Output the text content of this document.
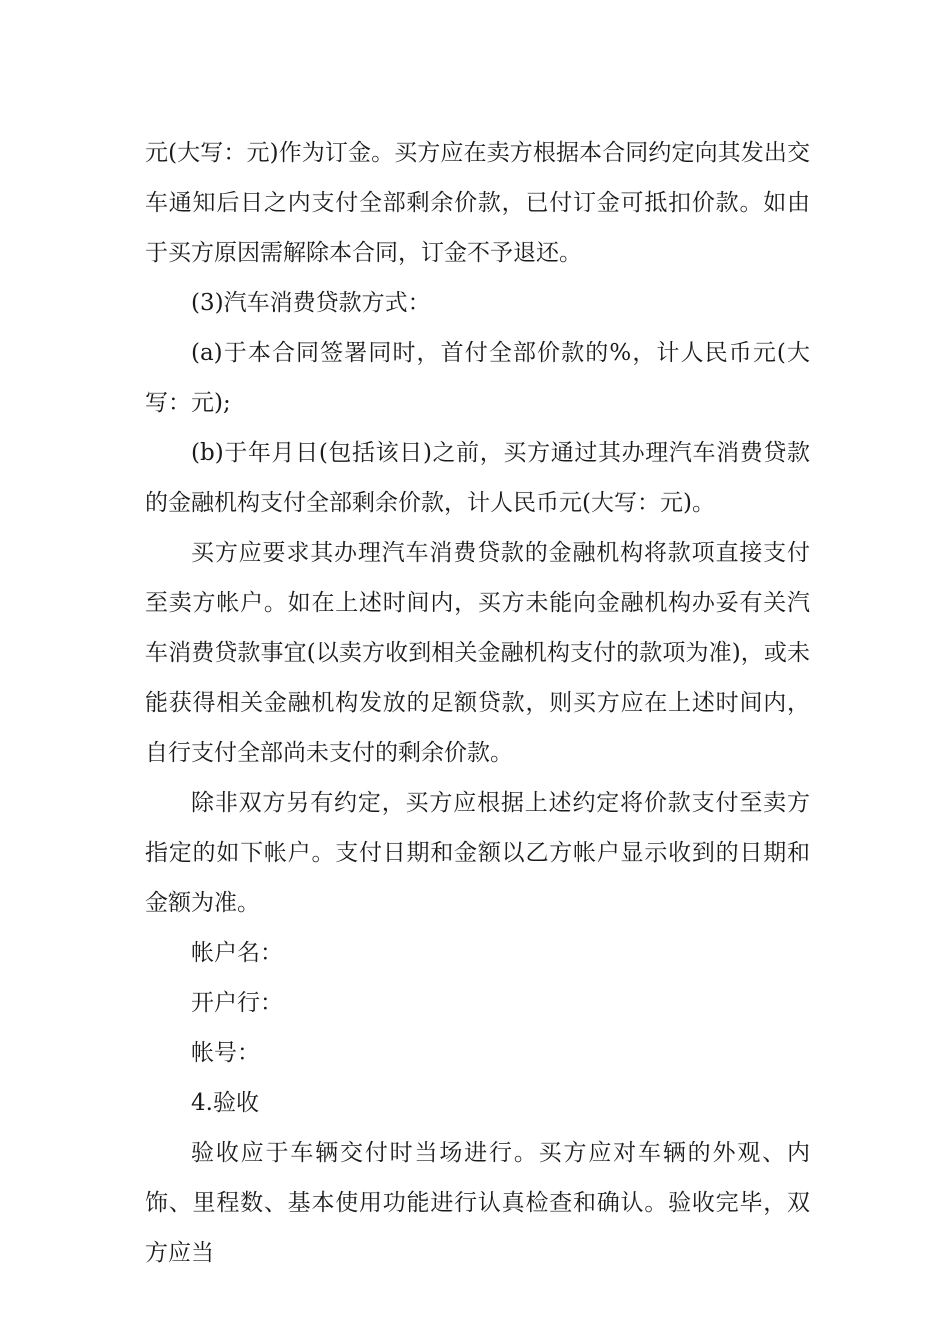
元(大写：元)作为订金。买方应在卖方根据本合同约定向其发出交车通知后日之内支付全部剩余价款，已付订金可抵扣价款。如由于买方原因需解除本合同，订金不予退还。

(3)汽车消费贷款方式：

(a)于本合同签署同时，首付全部价款的%，计人民币元(大写：元);

(b)于年月日(包括该日)之前，买方通过其办理汽车消费贷款的金融机构支付全部剩余价款，计人民币元(大写：元)。

买方应要求其办理汽车消费贷款的金融机构将款项直接支付至卖方帐户。如在上述时间内，买方未能向金融机构办妥有关汽车消费贷款事宜(以卖方收到相关金融机构支付的款项为准)，或未能获得相关金融机构发放的足额贷款，则买方应在上述时间内，自行支付全部尚未支付的剩余价款。

除非双方另有约定，买方应根据上述约定将价款支付至卖方指定的如下帐户。支付日期和金额以乙方帐户显示收到的日期和金额为准。

帐户名：

开户行：

帐号：

4.验收

验收应于车辆交付时当场进行。买方应对车辆的外观、内饰、里程数、基本使用功能进行认真检查和确认。验收完毕，双方应当
